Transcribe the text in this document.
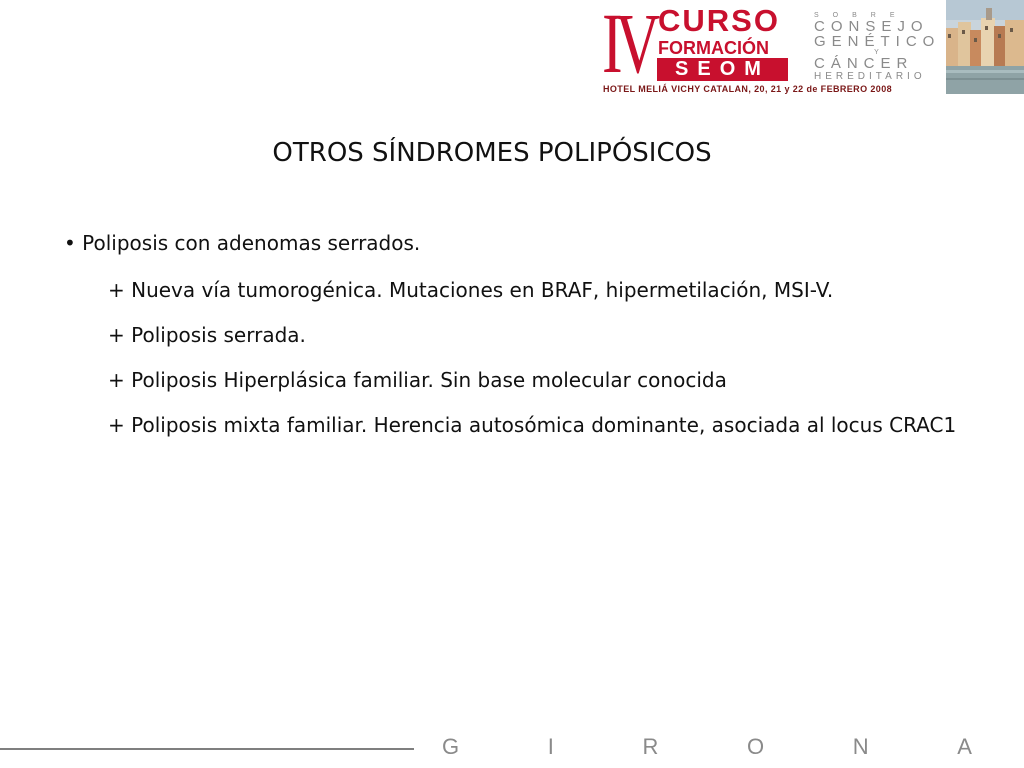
IV CURSO
FORMACIÓN
SEOM
HOTEL MELIÁ VICHY CATALAN, 20, 21 y 22 de FEBRERO 2008
SOBRE
CONSEJO
GENÉTICO
Y
CÁNCER
HEREDITARIO
OTROS SÍNDROMES POLIPÓSICOS
• Poliposis con adenomas serrados.
+ Nueva vía tumorogénica. Mutaciones en BRAF, hipermetilación, MSI-V.
+ Poliposis serrada.
+ Poliposis Hiperplásica familiar. Sin base molecular conocida
+ Poliposis mixta familiar. Herencia autosómica dominante, asociada al locus CRAC1
G	I	R	O	N	A
